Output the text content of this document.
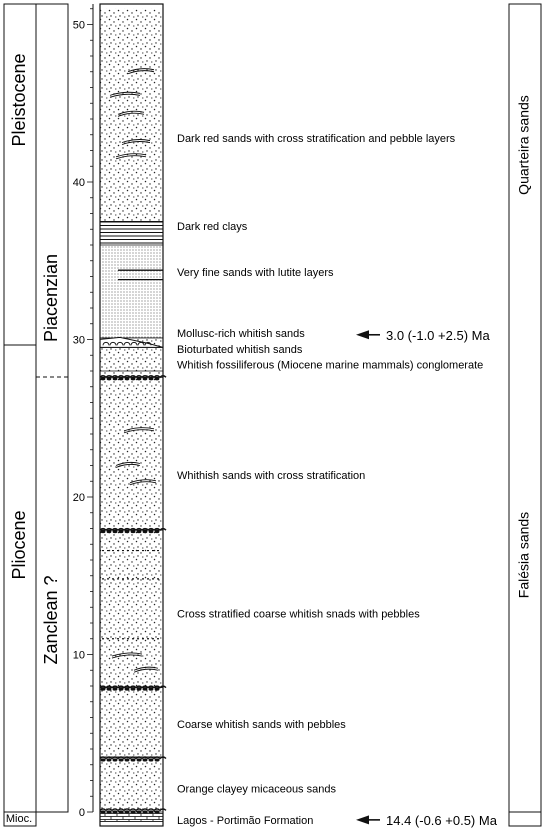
Pleistocene
Pliocene
Piacenzian
Zanclean ?
Mioc.
Quarteira sands
Falésia sands
0
10
20
30
40
50
Lagos - Portimão Formation
Orange clayey micaceous sands
Coarse whitish sands with pebbles
Cross stratified coarse whitish snads with pebbles
Whithish sands with cross stratification
Whitish fossiliferous (Miocene marine mammals) conglomerate
Bioturbated whitish sands
Mollusc-rich whitish sands
Very fine sands with lutite layers
Dark red clays
Dark red sands with cross stratification and pebble layers
3.0 (-1.0 +2.5) Ma
14.4 (-0.6 +0.5) Ma
